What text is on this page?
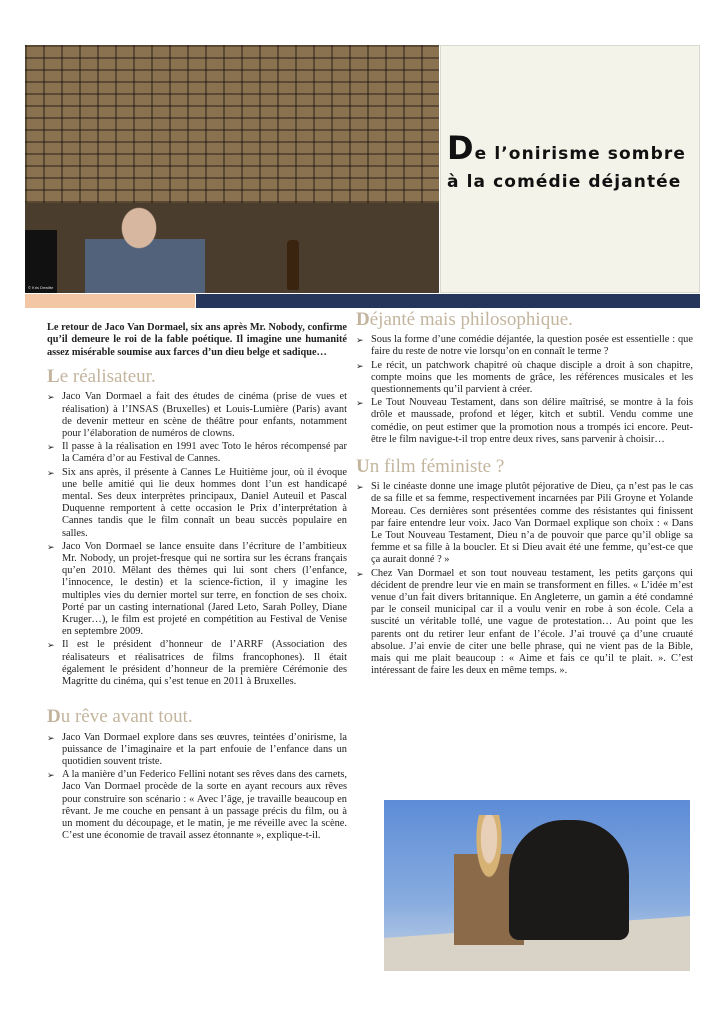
© Kris Dewitte
De l’onirisme sombre
à la comédie déjantée

Le retour de Jaco Van Dormael, six ans après Mr. Nobody, confirme qu’il demeure le roi de la fable poétique. Il imagine une humanité assez misérable soumise aux farces d’un dieu belge et sadique…

Le réalisateur.
➢ Jaco Van Dormael a fait des études de cinéma (prise de vues et réalisation) à l’INSAS (Bruxelles) et Louis-Lumière (Paris) avant de devenir metteur en scène de théâtre pour enfants, notamment pour l’élaboration de numéros de clowns.
➢ Il passe à la réalisation en 1991 avec Toto le héros récompensé par la Caméra d’or au Festival de Cannes.
➢ Six ans après, il présente à Cannes Le Huitième jour, où il évoque une belle amitié qui lie deux hommes dont l’un est handicapé mental. Ses deux interprètes principaux, Daniel Auteuil et Pascal Duquenne remportent à cette occasion le Prix d’interprétation à Cannes tandis que le film connaît un beau succès populaire en salles.
➢ Jaco Von Dormael se lance ensuite dans l’écriture de l’ambitieux Mr. Nobody, un projet-fresque qui ne sortira sur les écrans français qu’en 2010. Mêlant des thèmes qui lui sont chers (l’enfance, l’innocence, le destin) et la science-fiction, il y imagine les multiples vies du dernier mortel sur terre, en fonction de ses choix. Porté par un casting international (Jared Leto, Sarah Polley, Diane Kruger…), le film est projeté en compétition au Festival de Venise en septembre 2009.
➢ Il est le président d’honneur de l’ARRF (Association des réalisateurs et réalisatrices de films francophones). Il était également le président d’honneur de la première Cérémonie des Magritte du cinéma, qui s’est tenue en 2011 à Bruxelles.
Du rêve avant tout.
➢ Jaco Van Dormael explore dans ses œuvres, teintées d’onirisme, la puissance de l’imaginaire et la part enfouie de l’enfance dans un quotidien souvent triste.
➢ A la manière d’un Federico Fellini notant ses rêves dans des carnets, Jaco Van Dormael procède de la sorte en ayant recours aux rêves pour construire son scénario : « Avec l’âge, je travaille beaucoup en rêvant. Je me couche en pensant à un passage précis du film, ou à un moment du découpage, et le matin, je me réveille avec la scène. C’est une économie de travail assez étonnante », explique-t-il.
Déjanté mais philosophique.
➢ Sous la forme d’une comédie déjantée, la question posée est essentielle : que faire du reste de notre vie lorsqu’on en connaît le terme ?
➢ Le récit, un patchwork chapitré où chaque disciple a droit à son chapitre, compte moins que les moments de grâce, les références musicales et les questionnements qu’il parvient à créer.
➢ Le Tout Nouveau Testament, dans son délire maîtrisé, se montre à la fois drôle et maussade, profond et léger, kitch et subtil. Vendu comme une comédie, on peut estimer que la promotion nous a trompés ici encore. Peut-être le film navigue-t-il trop entre deux rives, sans parvenir à choisir…
Un film féministe ?
➢ Si le cinéaste donne une image plutôt péjorative de Dieu, ça n’est pas le cas de sa fille et sa femme, respectivement incarnées par Pili Groyne et Yolande Moreau. Ces dernières sont présentées comme des résistantes qui finissent par faire entendre leur voix. Jaco Van Dormael explique son choix : « Dans Le Tout Nouveau Testament, Dieu n’a de pouvoir que parce qu’il oblige sa femme et sa fille à la boucler. Et si Dieu avait été une femme, qu’est-ce que ça aurait donné ? »
➢ Chez Van Dormael et son tout nouveau testament, les petits garçons qui décident de prendre leur vie en main se transforment en filles. « L’idée m’est venue d’un fait divers britannique. En Angleterre, un gamin a été condamné par le conseil municipal car il a voulu venir en robe à son école. Cela a suscité un véritable tollé, une vague de protestation… Au point que les parents ont du retirer leur enfant de l’école. J’ai trouvé ça d’une cruauté absolue. J’ai envie de citer une belle phrase, qui ne vient pas de la Bible, mais qui me plait beaucoup : « Aime et fais ce qu’il te plait. ». C’est intéressant de faire les deux en même temps. ».
